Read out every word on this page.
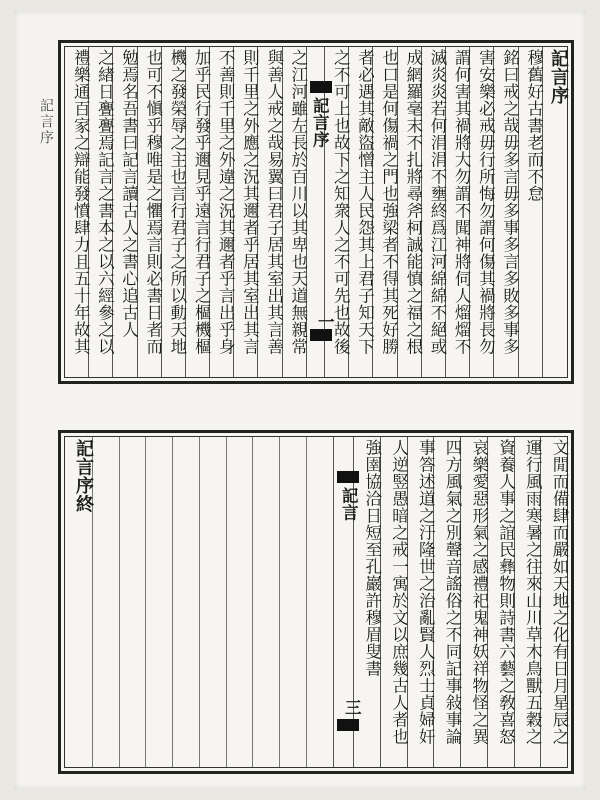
記言序
記言序
穆舊好古書老而不怠
銘曰戒之哉毋多言毋多事多言多敗多事多
害安樂必戒毋行所悔勿謂何傷其禍將長勿
謂何害其禍將大勿謂不聞神將伺人熘熘不
滅炎炎若何涓涓不壅終爲江河綿綿不絕或
成網羅毫末不扎將尋斧柯誠能慎之福之根
也口是何傷禍之門也強梁者不得其死好勝
者必遇其敵盜憎主人民怨其上君子知天下
之不可上也故下之知衆人之不可先也故後
記言序
一
之江河雖左長於百川以其卑也天道無親常
與善人戒之哉易翼曰君子居其室出其言善
則千里之外應之況其邇者乎居其室出其言
不善則千里之外違之況其邇者乎言出乎身
加乎民行發乎邇見乎遠言行君子之樞機樞
機之發榮辱之主也言行君子之所以動天地
也可不愼乎穆唯是之懼焉言則必書日者而
勉焉名吾書曰記言讀古人之書心追古人
之緖日亹亹焉記言之書本之以六經參之以
禮樂通百家之辯能發憤肆力且五十年故其
文閒而備肆而嚴如天地之化有日月星辰之
運行風雨寒暑之往來山川草木鳥獸五穀之
資養人事之誼民彝物則詩書六藝之敎喜怒
哀樂愛惡形氣之感禮祀鬼神妖祥物怪之異
四方風氣之別聲音謠俗之不同記事敍事論
事答述道之汙隆世之治亂賢人烈士貞婦奸
人逆竪愚暗之戒一寓於文以庶幾古人者也
強圉協洽日短至孔巖許穆眉叟書
記言
三
記言序終
